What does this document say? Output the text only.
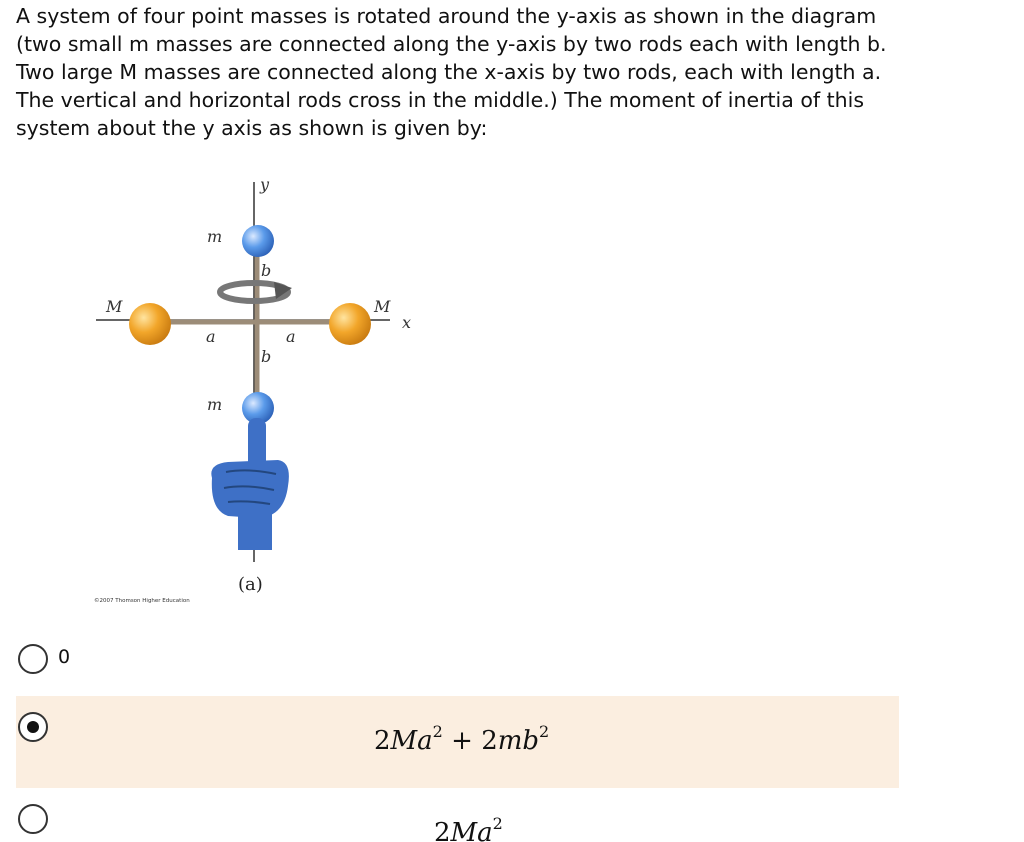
A system of four point masses is rotated around the y-axis as shown in the diagram

(two small m masses are connected along the y-axis by two rods each with length b.

Two large M masses are connected along the x-axis by two rods, each with length a.

The vertical and horizontal rods cross in the middle.) The moment of inertia of this

system about the y axis as shown is given by:

y
x
m
m
M	M
b
b
a	a
(a)
©2007 Thomson Higher Education
0
$2Ma^2 + 2mb^2$
2Ma$^2$
